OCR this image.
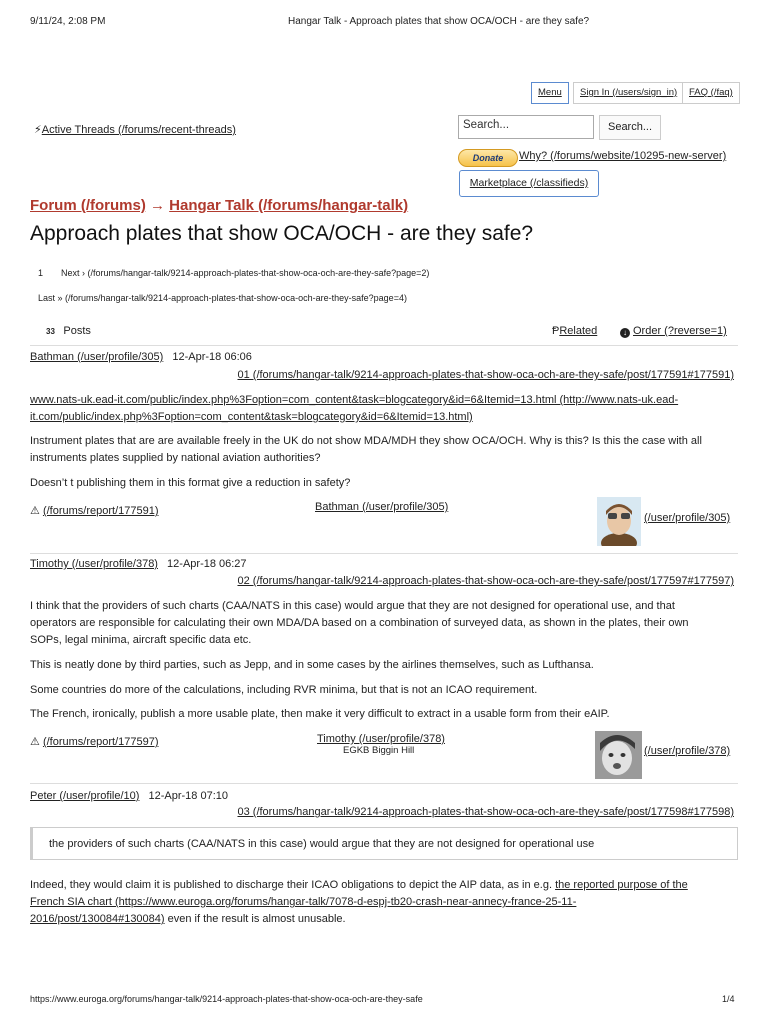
9/11/24, 2:08 PM	Hangar Talk - Approach plates that show OCA/OCH - are they safe?
Menu	Sign In (/users/sign_in)	FAQ (/faq)
⚡︎Active Threads (/forums/recent-threads)	Search...	Search...
Donate	Why? (/forums/website/10295-new-server)
Marketplace (/classifieds)
Forum (/forums) → Hangar Talk (/forums/hangar-talk)
Approach plates that show OCA/OCH - are they safe?
1 Next › (/forums/hangar-talk/9214-approach-plates-that-show-oca-och-are-they-safe?page=2)
Last » (/forums/hangar-talk/9214-approach-plates-that-show-oca-och-are-they-safe?page=4)
33 Posts	ⱣRelated	↓ Order (?reverse=1)
Bathman (/user/profile/305) 12-Apr-18 06:06
01 (/forums/hangar-talk/9214-approach-plates-that-show-oca-och-are-they-safe/post/177591#177591)
www.nats-uk.ead-it.com/public/index.php%3Foption=com_content&task=blogcategory&id=6&Itemid=13.html (http://www.nats-uk.ead-
it.com/public/index.php%3Foption=com_content&task=blogcategory&id=6&Itemid=13.html)
Instrument plates that are are available freely in the UK do not show MDA/MDH they show OCA/OCH. Why is this? Is this the case with all
instruments plates supplied by national aviation authorities?
Doesn’t t publishing them in this format give a reduction in safety?
⚠︎ (/forums/report/177591)	Bathman (/user/profile/305)
(/user/profile/305)
Timothy (/user/profile/378) 12-Apr-18 06:27
02 (/forums/hangar-talk/9214-approach-plates-that-show-oca-och-are-they-safe/post/177597#177597)
I think that the providers of such charts (CAA/NATS in this case) would argue that they are not designed for operational use, and that
operators are responsible for calculating their own MDA/DA based on a combination of surveyed data, as shown in the plates, their own
SOPs, legal minima, aircraft specific data etc.
This is neatly done by third parties, such as Jepp, and in some cases by the airlines themselves, such as Lufthansa.
Some countries do more of the calculations, including RVR minima, but that is not an ICAO requirement.
The French, ironically, publish a more usable plate, then make it very difficult to extract in a usable form from their eAIP.
⚠︎ (/forums/report/177597)	Timothy (/user/profile/378)
EGKB Biggin Hill	(/user/profile/378)
Peter (/user/profile/10) 12-Apr-18 07:10
03 (/forums/hangar-talk/9214-approach-plates-that-show-oca-och-are-they-safe/post/177598#177598)
the providers of such charts (CAA/NATS in this case) would argue that they are not designed for operational use
Indeed, they would claim it is published to discharge their ICAO obligations to depict the AIP data, as in e.g. the reported purpose of the
French SIA chart (https://www.euroga.org/forums/hangar-talk/7078-d-espj-tb20-crash-near-annecy-france-25-11-
2016/post/130084#130084) even if the result is almost unusable.
https://www.euroga.org/forums/hangar-talk/9214-approach-plates-that-show-oca-och-are-they-safe	1/4
